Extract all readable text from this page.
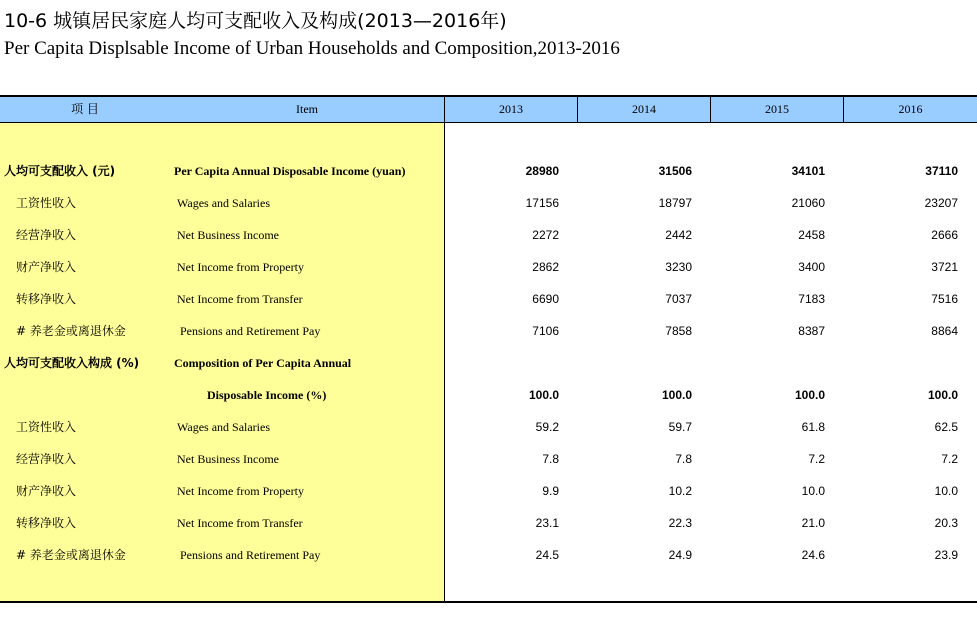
10-6 城镇居民家庭人均可支配收入及构成(2013—2016年)
Per Capita Displsable Income of Urban Households and Composition,2013-2016
项 目	Item	2013	2014	2015	2016
人均可支配收入 (元)	Per Capita Annual Disposable Income (yuan)	28980	31506	34101	37110
工资性收入	Wages and Salaries	17156	18797	21060	23207
经营净收入	Net Business Income	2272	2442	2458	2666
财产净收入	Net Income from Property	2862	3230	3400	3721
转移净收入	Net Income from Transfer	6690	7037	7183	7516
# 养老金或离退休金	Pensions and Retirement Pay	7106	7858	8387	8864
人均可支配收入构成 (%)	Composition of Per Capita Annual
Disposable Income (%)	100.0	100.0	100.0	100.0
工资性收入	Wages and Salaries	59.2	59.7	61.8	62.5
经营净收入	Net Business Income	7.8	7.8	7.2	7.2
财产净收入	Net Income from Property	9.9	10.2	10.0	10.0
转移净收入	Net Income from Transfer	23.1	22.3	21.0	20.3
# 养老金或离退休金	Pensions and Retirement Pay	24.5	24.9	24.6	23.9
